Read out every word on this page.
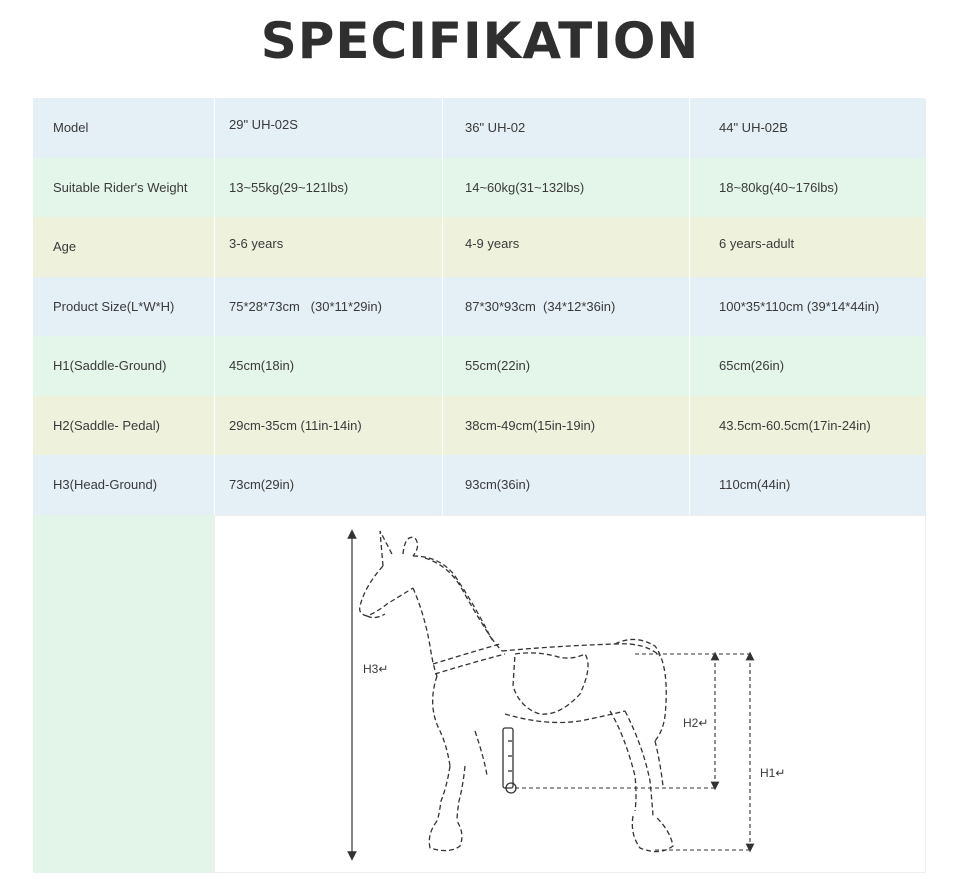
SPECIFIKATION
Model	29" UH-02S	36" UH-02	44" UH-02B
Suitable Rider's Weight	13~55kg(29~121lbs)	14~60kg(31~132lbs)	18~80kg(40~176lbs)
Age	3-6 years	4-9 years	6 years-adult
Product Size(L*W*H)	75*28*73cm   (30*11*29in)	87*30*93cm  (34*12*36in)	100*35*110cm (39*14*44in)
H1(Saddle-Ground)	45cm(18in)	55cm(22in)	65cm(26in)
H2(Saddle- Pedal)	29cm-35cm (11in-14in)	38cm-49cm(15in-19in)	43.5cm-60.5cm(17in-24in)
H3(Head-Ground)	73cm(29in)	93cm(36in)	110cm(44in)
H3↵
H2↵
H1↵
